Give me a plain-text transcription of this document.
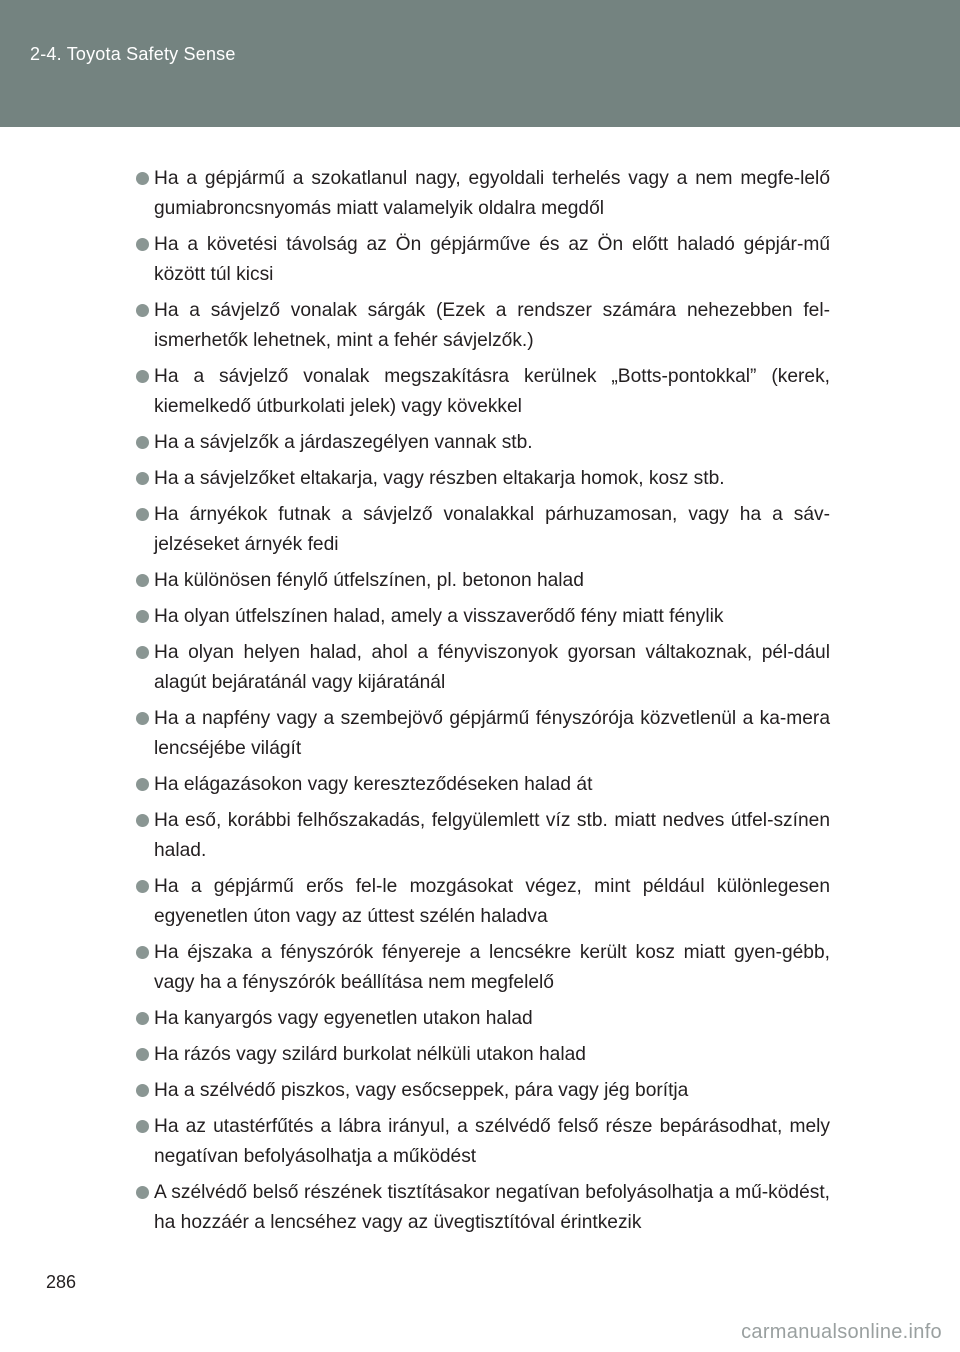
2-4. Toyota Safety Sense
Ha a gépjármű a szokatlanul nagy, egyoldali terhelés vagy a nem megfe-lelő gumiabroncsnyomás miatt valamelyik oldalra megdől
Ha a követési távolság az Ön gépjárműve és az Ön előtt haladó gépjár-mű között túl kicsi
Ha a sávjelző vonalak sárgák (Ezek a rendszer számára nehezebben fel-ismerhetők lehetnek, mint a fehér sávjelzők.)
Ha a sávjelző vonalak megszakításra kerülnek „Botts-pontokkal” (kerek, kiemelkedő útburkolati jelek) vagy kövekkel
Ha a sávjelzők a járdaszegélyen vannak stb.
Ha a sávjelzőket eltakarja, vagy részben eltakarja homok, kosz stb.
Ha árnyékok futnak a sávjelző vonalakkal párhuzamosan, vagy ha a sáv-jelzéseket árnyék fedi
Ha különösen fénylő útfelszínen, pl. betonon halad
Ha olyan útfelszínen halad, amely a visszaverődő fény miatt fénylik
Ha olyan helyen halad, ahol a fényviszonyok gyorsan váltakoznak, pél-dául alagút bejáratánál vagy kijáratánál
Ha a napfény vagy a szembejövő gépjármű fényszórója közvetlenül a ka-mera lencséjébe világít
Ha elágazásokon vagy kereszteződéseken halad át
Ha eső, korábbi felhőszakadás, felgyülemlett víz stb. miatt nedves útfel-színen halad.
Ha a gépjármű erős fel-le mozgásokat végez, mint például különlegesen egyenetlen úton vagy az úttest szélén haladva
Ha éjszaka a fényszórók fényereje a lencsékre került kosz miatt gyen-gébb, vagy ha a fényszórók beállítása nem megfelelő
Ha kanyargós vagy egyenetlen utakon halad
Ha rázós vagy szilárd burkolat nélküli utakon halad
Ha a szélvédő piszkos, vagy esőcseppek, pára vagy jég borítja
Ha az utastérfűtés a lábra irányul, a szélvédő felső része bepárásodhat, mely negatívan befolyásolhatja a működést
A szélvédő belső részének tisztításakor negatívan befolyásolhatja a mű-ködést, ha hozzáér a lencséhez vagy az üvegtisztítóval érintkezik
286
carmanualsonline.info
